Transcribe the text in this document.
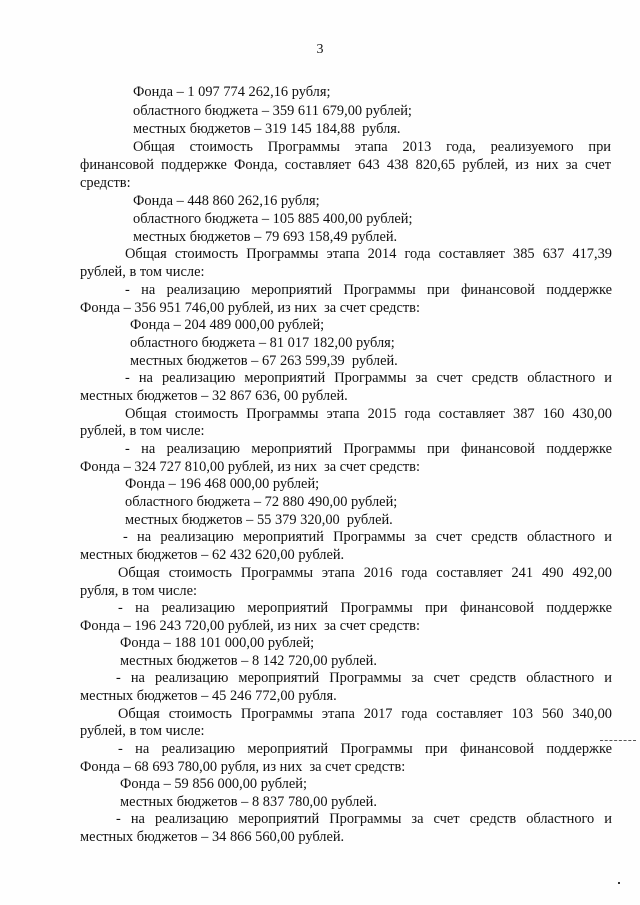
3
Фонда – 1 097 774 262,16 рубля;
областного бюджета – 359 611 679,00 рублей;
местных бюджетов – 319 145 184,88  рубля.
Общая стоимость Программы этапа 2013 года, реализуемого при
финансовой поддержке Фонда, составляет 643 438 820,65 рублей, из них за счет
средств:
Фонда – 448 860 262,16 рубля;
областного бюджета – 105 885 400,00 рублей;
местных бюджетов – 79 693 158,49 рублей.
Общая стоимость Программы этапа 2014 года составляет 385 637 417,39
рублей, в том числе:
- на реализацию мероприятий Программы при финансовой поддержке
Фонда – 356 951 746,00 рублей, из них  за счет средств:
Фонда – 204 489 000,00 рублей;
областного бюджета – 81 017 182,00 рубля;
местных бюджетов – 67 263 599,39  рублей.
- на реализацию мероприятий Программы за счет средств областного и
местных бюджетов – 32 867 636, 00 рублей.
Общая стоимость Программы этапа 2015 года составляет 387 160 430,00
рублей, в том числе:
- на реализацию мероприятий Программы при финансовой поддержке
Фонда – 324 727 810,00 рублей, из них  за счет средств:
Фонда – 196 468 000,00 рублей;
областного бюджета – 72 880 490,00 рублей;
местных бюджетов – 55 379 320,00  рублей.
- на реализацию мероприятий Программы за счет средств областного и
местных бюджетов – 62 432 620,00 рублей.
Общая стоимость Программы этапа 2016 года составляет 241 490 492,00
рубля, в том числе:
- на реализацию мероприятий Программы при финансовой поддержке
Фонда – 196 243 720,00 рублей, из них  за счет средств:
Фонда – 188 101 000,00 рублей;
местных бюджетов – 8 142 720,00 рублей.
- на реализацию мероприятий Программы за счет средств областного и
местных бюджетов – 45 246 772,00 рубля.
Общая стоимость Программы этапа 2017 года составляет 103 560 340,00
рублей, в том числе:
- на реализацию мероприятий Программы при финансовой поддержке
Фонда – 68 693 780,00 рубля, из них  за счет средств:
Фонда – 59 856 000,00 рублей;
местных бюджетов – 8 837 780,00 рублей.
- на реализацию мероприятий Программы за счет средств областного и
местных бюджетов – 34 866 560,00 рублей.
